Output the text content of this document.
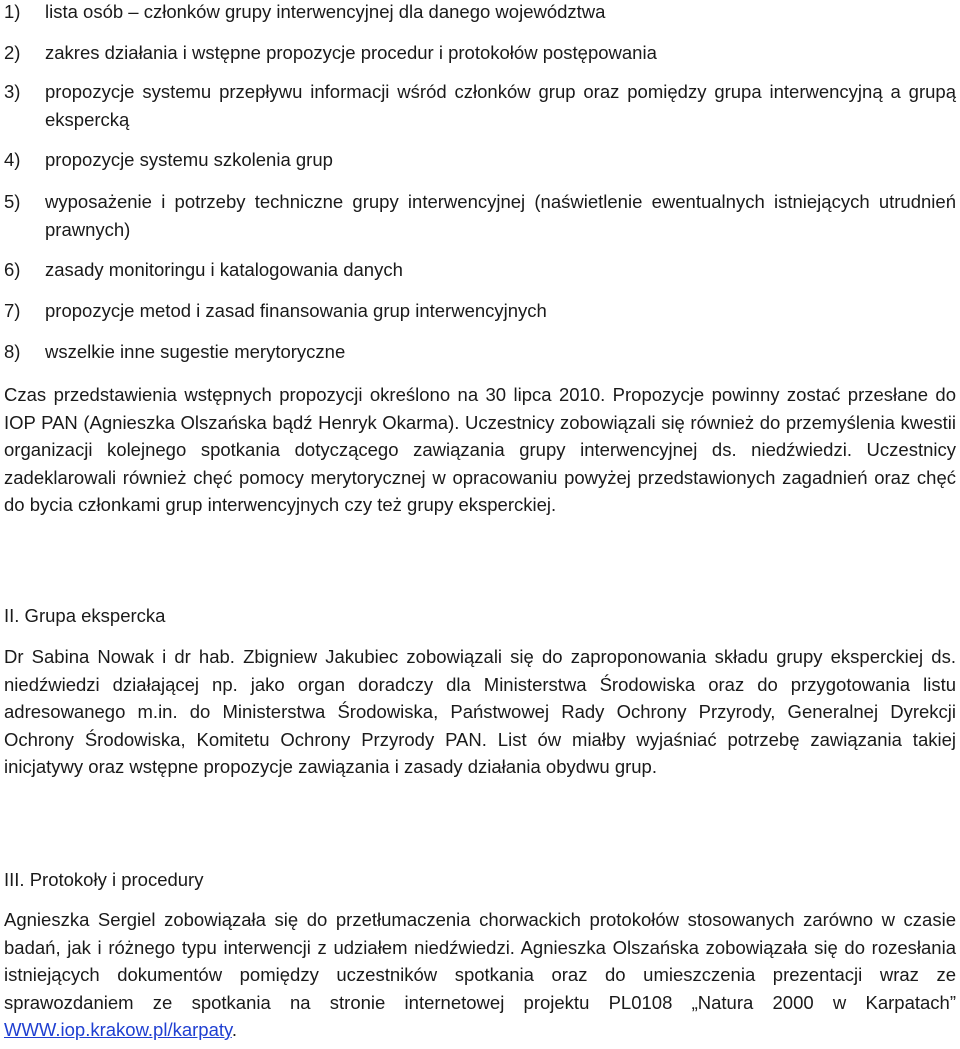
1)	lista osób – członków grupy interwencyjnej dla danego województwa
2)	zakres działania i wstępne propozycje procedur i protokołów postępowania
3)	propozycje systemu przepływu informacji wśród członków grup oraz pomiędzy grupa interwencyjną a grupą ekspercką
4)	propozycje systemu szkolenia grup
5)	wyposażenie i potrzeby techniczne grupy interwencyjnej (naświetlenie ewentualnych istniejących utrudnień prawnych)
6)	zasady monitoringu i katalogowania danych
7)	propozycje metod i zasad finansowania grup interwencyjnych
8)	wszelkie inne sugestie merytoryczne

Czas przedstawienia wstępnych propozycji określono na 30 lipca 2010. Propozycje powinny zostać przesłane do IOP PAN (Agnieszka Olszańska bądź Henryk Okarma). Uczestnicy zobowiązali się również do przemyślenia kwestii organizacji kolejnego spotkania dotyczącego zawiązania grupy interwencyjnej ds. niedźwiedzi. Uczestnicy zadeklarowali również chęć pomocy merytorycznej w opracowaniu powyżej przedstawionych zagadnień oraz chęć do bycia członkami grup interwencyjnych czy też grupy eksperckiej.

II. Grupa ekspercka

Dr Sabina Nowak i dr hab. Zbigniew Jakubiec zobowiązali się do zaproponowania składu grupy eksperckiej ds. niedźwiedzi działającej np. jako organ doradczy dla Ministerstwa Środowiska oraz do przygotowania listu adresowanego m.in. do Ministerstwa Środowiska, Państwowej Rady Ochrony Przyrody, Generalnej Dyrekcji Ochrony Środowiska, Komitetu Ochrony Przyrody PAN. List ów miałby wyjaśniać potrzebę zawiązania takiej inicjatywy oraz wstępne propozycje zawiązania i zasady działania obydwu grup.

III. Protokoły i procedury

Agnieszka Sergiel zobowiązała się do przetłumaczenia chorwackich protokołów stosowanych zarówno w czasie badań, jak i różnego typu interwencji z udziałem niedźwiedzi. Agnieszka Olszańska zobowiązała się do rozesłania istniejących dokumentów pomiędzy uczestników spotkania oraz do umieszczenia prezentacji wraz ze sprawozdaniem ze spotkania na stronie internetowej projektu PL0108 „Natura 2000 w Karpatach” WWW.iop.krakow.pl/karpaty.
